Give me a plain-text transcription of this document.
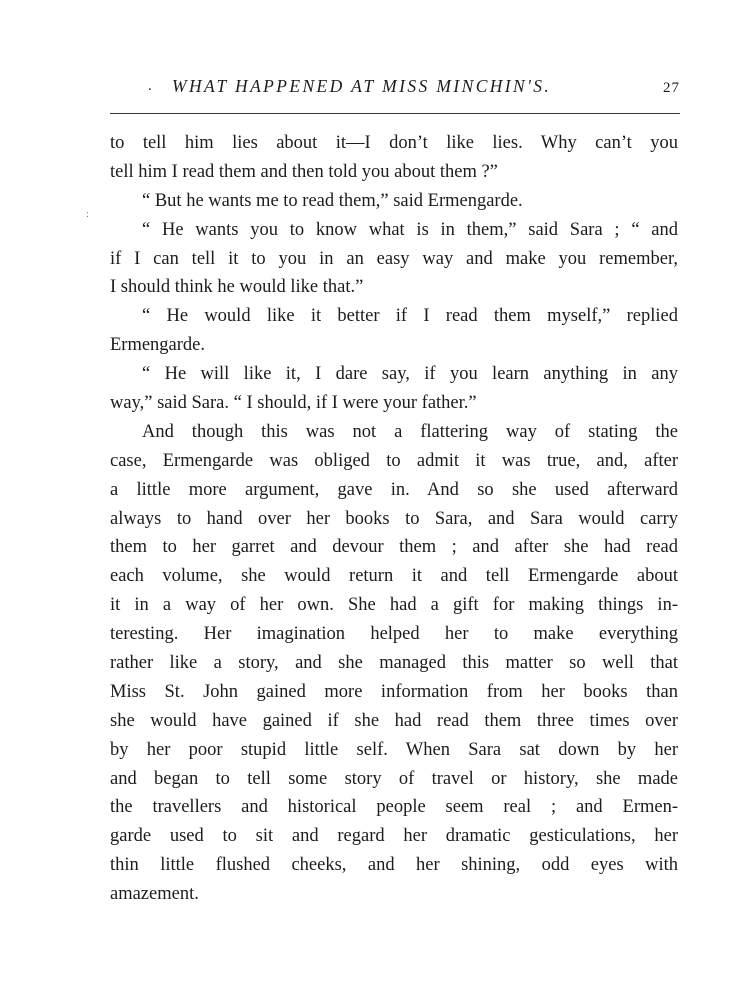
. WHAT HAPPENED AT MISS MINCHIN'S.	27
:
to tell him lies about it—I don’t like lies. Why can’t you
tell him I read them and then told you about them ?”
“ But he wants me to read them,” said Ermengarde.
“ He wants you to know what is in them,” said Sara ; “ and
if I can tell it to you in an easy way and make you remember,
I should think he would like that.”
“ He would like it better if I read them myself,” replied
Ermengarde.
“ He will like it, I dare say, if you learn anything in any
way,” said Sara. “ I should, if I were your father.”
And though this was not a flattering way of stating the
case, Ermengarde was obliged to admit it was true, and, after
a little more argument, gave in. And so she used afterward
always to hand over her books to Sara, and Sara would carry
them to her garret and devour them ; and after she had read
each volume, she would return it and tell Ermengarde about
it in a way of her own. She had a gift for making things in-
teresting. Her imagination helped her to make everything
rather like a story, and she managed this matter so well that
Miss St. John gained more information from her books than
she would have gained if she had read them three times over
by her poor stupid little self. When Sara sat down by her
and began to tell some story of travel or history, she made
the travellers and historical people seem real ; and Ermen-
garde used to sit and regard her dramatic gesticulations, her
thin little flushed cheeks, and her shining, odd eyes with
amazement.
